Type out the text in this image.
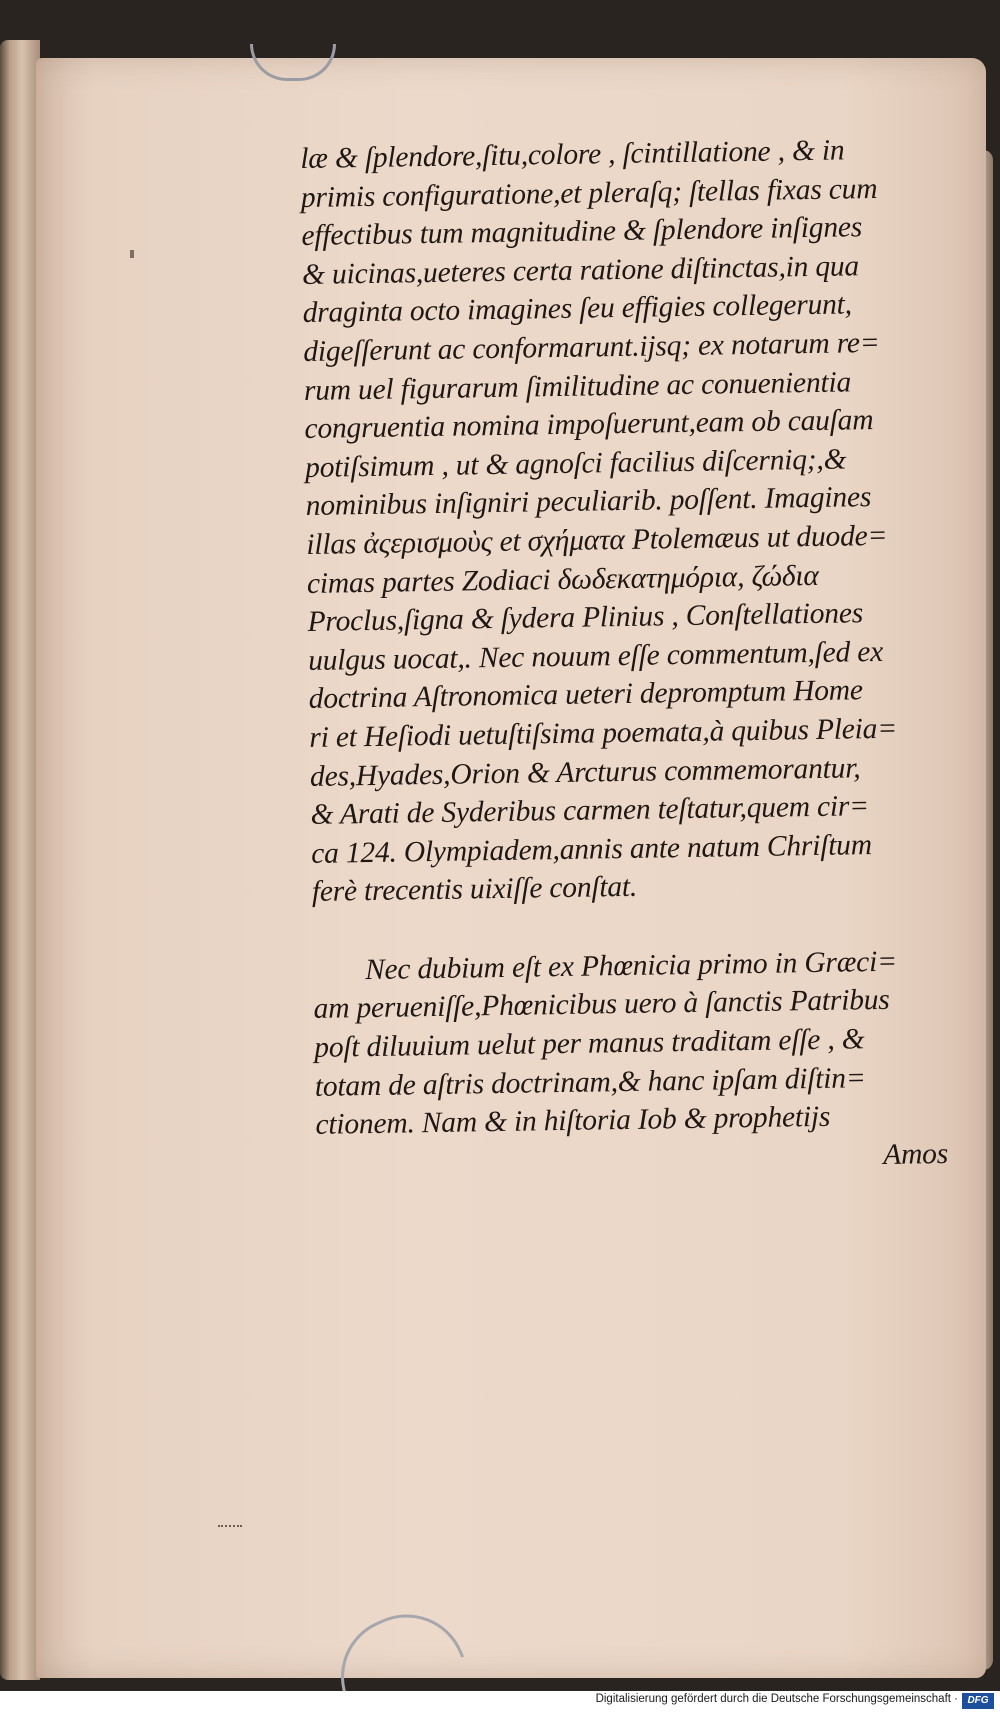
læ & ſplendore,ſitu,colore , ſcintillatione , & in
primis configuratione,et pleraſq; ſtellas fixas cum
effectibus tum magnitudine & ſplendore inſignes
& uicinas,ueteres certa ratione diſtinctas,in qua
draginta octo imagines ſeu effigies collegerunt,
digeſſerunt ac conformarunt.ijsq; ex notarum re=
rum uel figurarum ſimilitudine ac conuenientia
congruentia nomina impoſuerunt,eam ob cauſam
potiſsimum , ut & agnoſci facilius diſcerniq;,&
nominibus inſigniri peculiarib. poſſent. Imagines
illas ἀςερισμοὺς et σχήματα Ptolemæus ut duode=
cimas partes Zodiaci δωδεκατημόρια, ζώδια
Proclus,ſigna & ſydera Plinius , Conſtellationes
uulgus uocat,. Nec nouum eſſe commentum,ſed ex
doctrina Aſtronomica ueteri depromptum Home
ri et Heſiodi uetuſtiſsima poemata,à quibus Pleia=
des,Hyades,Orion & Arcturus commemorantur,
& Arati de Syderibus carmen teſtatur,quem cir=
ca 124. Olympiadem,annis ante natum Chriſtum
ferè trecentis uixiſſe conſtat.
Nec dubium eſt ex Phœnicia primo in Græci=
am perueniſſe,Phœnicibus uero à ſanctis Patribus
poſt diluuium uelut per manus traditam eſſe , &
totam de aſtris doctrinam,& hanc ipſam diſtin=
ctionem. Nam & in hiſtoria Iob & prophetijs
Amos
Digitalisierung gefördert durch die Deutsche Forschungsgemeinschaft · DFG
